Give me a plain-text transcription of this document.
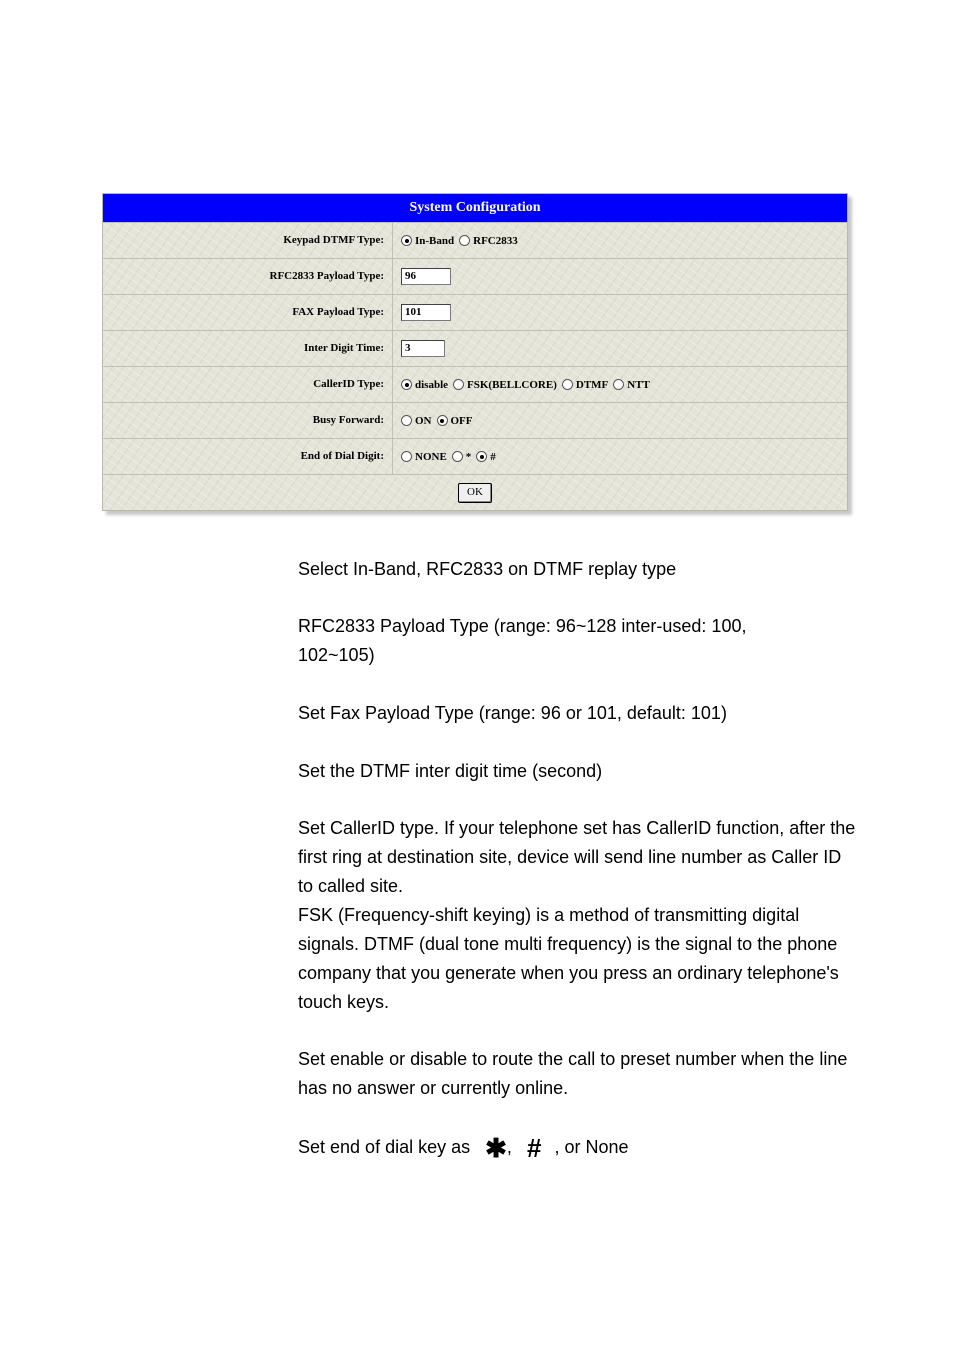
System Configuration
Keypad DTMF Type:	In-Band RFC2833
RFC2833 Payload Type:	96
FAX Payload Type:	101
Inter Digit Time:	3
CallerID Type:	disable FSK(BELLCORE) DTMF NTT
Busy Forward:	ON OFF
End of Dial Digit:	NONE * #
OK

Select In-Band, RFC2833 on DTMF replay type

RFC2833 Payload Type (range: 96~128 inter-used: 100, 102~105)

Set Fax Payload Type (range: 96 or 101, default: 101)

Set the DTMF inter digit time (second)

Set CallerID type. If your telephone set has CallerID function, after the first ring at destination site, device will send line number as Caller ID to called site.

FSK (Frequency-shift keying) is a method of transmitting digital signals. DTMF (dual tone multi frequency) is the signal to the phone company that you generate when you press an ordinary telephone's touch keys.

Set enable or disable to route the call to preset number when the line has no answer or currently online.

Set end of dial key as ✱, # , or None
